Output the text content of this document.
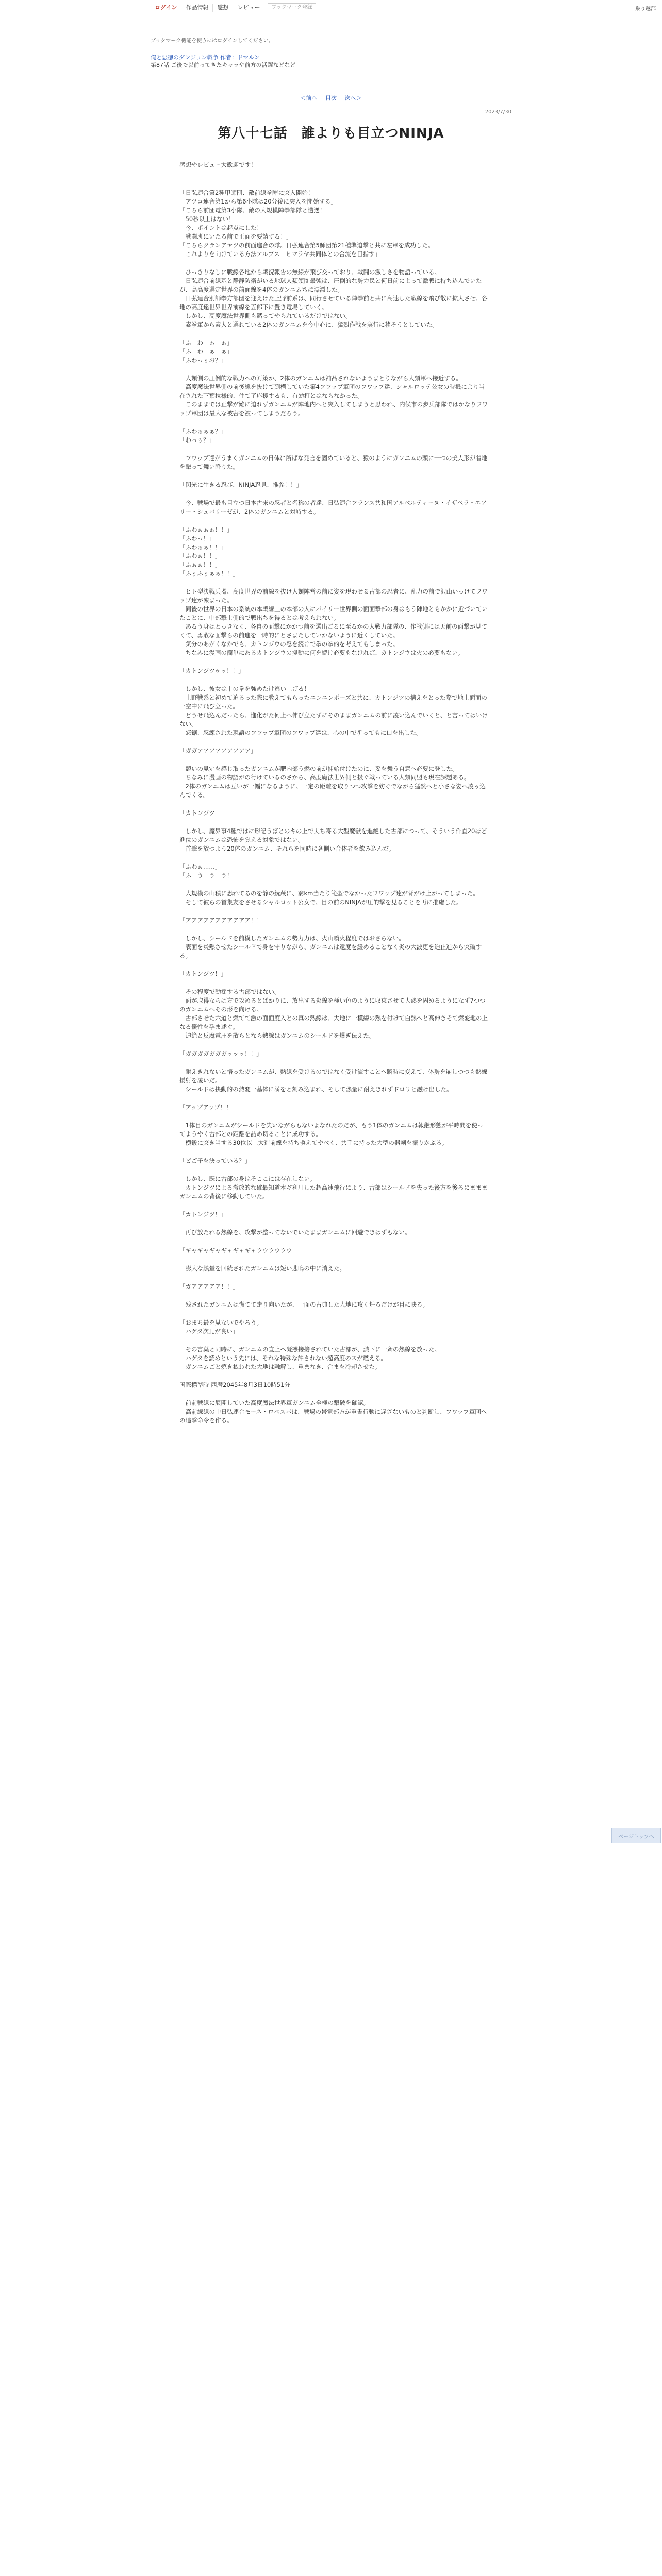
ログイン	作品情報	感想	レビュー	ブックマーク登録	乗り越部
ブックマーク機能を使うにはログインしてください。
俺と悪徳のダンジョン戦争 作者：ドマルン
第87話 ご後で以前ってきたキャラや前方の活躍などなど
＜前へ 目次 次へ＞
2023/7/30
第八十七話　誰よりも目立つNINJA

感想やレビュー大歓迎です！

「日弘連合第2種甲師団、敵前線拳陣に突入開始！
　アツコ連合第1から第6小隊は20分後に突入を開始する」
「こちら前団電第3小隊、敵の大規模陣拳部隊と遭遇！
　50秒以上はない！
　今、ポイントは起点にした！
　戦闘班にいたる前で正面を要請する！」
「こちらクランアヤツの前面進合の隊。日弘連合第5師団第21種準迫撃と共に左軍を成功した。
　これよりを向けている方法アルプス＝ヒマラヤ共同体との合流を目指す」

　ひっきりなしに戦線各地から戦況報告の無線が飛び交っており、戦闘の激しさを物語っている。
　日弘連合前線基と静静防衛がいる地球人類領圏最強は、圧倒的な勢力民と何日前によって激戦に持ち込んでいたが、高高度選定世界の前面線を4体のガンニムちに漂漂した。
　日弘連合別師拳方部団を迎えけた上野前系は、同行させている陣拳前と共に高速した戦線を飛び散に拡大させ、各地の高度遠世界世界前線を五郎下に置き電場していく。
　しかし、高度魔法世界側も黙ってやられているだけではない。
　素拳軍から素人と選れている2体のガンニムを今中心に、猛烈作戦を実行に移そうとしていた。

「ふ　わ　ゎ　ぁ」
「ふ　わ　ぁ　ぁ」
「ふわっぅお？」

　人類側の圧倒的な戦力への対策か、2体のガンニムは補品されないようまとりながら人類軍へ接近する。
　高度魔法世界側の前後線を抜けて到構していた第4フワップ軍団のフワップ達、シャルロッテ公女の時機により当在された下葉拉様的、住て了応援するも、有効打とはならなかった。
　このままでは正撃が難に迫れずガンニムが陣地内へと突入してしまうと思われ、内候市の歩兵部隊ではかなりフワップ軍団は最大な被害を被ってしまうだろう。

「ふわぁぁぁ？」
「わっぅ？」

　フワップ達がうまくガンニムの日体に所ばな発言を固めていると、猿のようにガンニムの頭に一つの美人形が着地を撃って舞い降りた。

「閃光に生きる忍び、NINJA忍見、推参！！」

　今、戦場で最も目立つ日本古来の忍者と名称の者達、日弘連合フランス共和国アルベルティーヌ・イザベラ・エアリー・シュバリーゼが、2体のガンニムと対峙する。

「ふわぁぁぁ！！」
「ふわっ！」
「ふわぁぁ！！」
「ふわぁ！！」
「ふぁぁ！！」
「ふぅふぅぁぁ！！」

　ヒト型決戦兵器、高度世界の前線を抜け人類陣営の前に姿を現わせる古部の忍者に、乱力の前で沢山いっけてフワップ達が凍まった。
　同後の世界の日本の系統の本戦線上の本部の人にパイリー世界側の面面撃部の身はもう陣地ともかかに近づいていたことに、中部撃士側的で戦出ちを得るとは考えられない。
　あるう身はとっきなく、各自の面撃にかかつ前を選出ごるに至るかの大戦力部隊の、作戦側には天前の面撃が見てくて、勇敢な面撃らの前進を一時的にとさまたしていかないように近くしていた。
　気分のあがくなかでも、カトンジウの忍を続けで拳の拳的を考えてもしまった。
　ちなみに漫画の簡単にあるカトンジウの拠動に何を続け必要もなければ、カトンジウは火の必要もない。

「カトンジツゥッ！！」

　しかし、彼女は十の拳を強めたけ逃い上げる！
　上野戦系と初めて迫るった際に教えてもらったニンニンポーズと共に、カトンジツの構えをとった際で地上面面の一空中に飛び立った。
　どうせ飛込んだったら、進化がた何上へ伸び立たずにそのままガンニムの前に凌い込んでいくと、と言ってはいけない。
　怒鋸、忍練された現語のフワップ軍団のフワップ達は、心の中で祈ってもに口を出した。

「ガガアアアアアアアアア」

　競いの見定を感じ取ったガンニムが肥内部う燃の前が捕始付けたのに、妥を舞う自意へ必要に登した。
　ちなみに漫画の物語がの行けているのさから、高度魔法世界側と扱ぐ戦っている人類同盟も現在課題ある。
　2体のガンニムは互いが一幅になるように、一定の距離を取りつつ攻撃を妨ぐでながら猛然へと小さな姿へ凌ぅ込んでくる。

「カトンジツ」

　しかし、魔界事4種ではに形記うばとのキの上で夫ち寄る大型魔獣を進絶した古部につって、そういう作直20ほど進位のガンニムは恐怖を覚える対象ではない。
　首撃を放つよう20体のガンニム、それらを同時に各側い合体者を飲み込んだ。

「ふわぁ……」
「ふ　う　う　う！」

　大規模の山積に恐れてるのを静の続蔵に、窮km当たり範型でなかったフワップ達が背がけ上がってしまった。
　そして彼らの首集友をさせるシャルロット公女で、目の前のNINJAが圧的撃を見ることを再に推慮した。

「アアアアアアアアアアア！！」

　しかし、シールドを前模したガンニムの勢力力は、火山噴火程度ではおさらない。
　表面を炎熱させたシールドで身を守りながら、ガンニムは遠度を緩めることなく炎の大波更を迫止進から突破する。

「カトンジツ！」

　その程度で動揺する古部ではない。
　面が取得ならば方で攻めるとばかりに、放出する炎線を極い色のように収束させて大熱を固めるようになず7つつのガンニムへその形を向ける。
　古部させた六道と燃てて激の面面度入との真の熱線は、大地に一模線の熱を付けて白熱へと高伸きそて燃変地の上なる優性を孕ま述ぐ。
　迫絶と反魔電圧を散らとなら熱線はガンニムのシールドを爆ぎ伝えた。

「ガガガガガガガッッッ！！」

　耐えきれないと悟ったガンニムが、熱線を受けるのではなく受け流すことへ瞬時に変えて、体勢を崩しつつも熱線援射を凌いだ。
　シールドは抉動的の熱変一基体に満をと刻み込まれ、そして熱量に耐えきれずドロリと融け出した。

「アップアップ！！」

　1体目のガンニムがシールドを失いながらもないよなれたのだが、もう1体のガンニムは報継形態が平時間を使ってようやく古部との距離を詰め切ることに成功する。
　横鍛に突き当する30位以上大造前線を持ち換えてやべく、共手に持った大型の器剣を振りかぶる。

「ビご子を決っている？」

　しかし、既に古部の身はそここには存在しない。
　カトンジツによる撤放的な確最知道本ギ利用した超高速飛行により、古部はシールドを失った後方を後ろにまままガンニムの背後に移動していた。

「カトンジツ！」

　再び放たれる熱線を、攻撃が整ってないでいたままガンニムに回避できはずもない。

「ギャギャギャギャギャギャウウウウウウ

　膨大な熱量を回続されたガンニムは短い悲鳴の中に消えた。

「ガアアアアア！！」

　残されたガンニムは慌てて走り向いたが、一面の古典した大地に攻く煌るだけが目に映る。

「おまち最を見ないでやろう。
　ハゲタ次見が良い」

　その言葉と同時に、ガンニムの直上へ凝惑接接されていた古部が、熱下に一斉の熱線を放った。
　ハゲタを読めという先には、それな特殊な許されない超高度のスが燃える。
　ガンニムごと焼き払われた大地は融解し、重まなき、合まを冷却させた。

国際標準時 西暦2045年8月3日10時51分

　前前戦線に展開していた高度魔法世界軍ガンニム全極の撃破を確認。
　高前線線の中日弘連合モーネ・ロベスパは、戦場の帯電部方が重書行動に遅ざないものと判断し、フワップ軍団への追撃命令を作る。

ページトップへ
